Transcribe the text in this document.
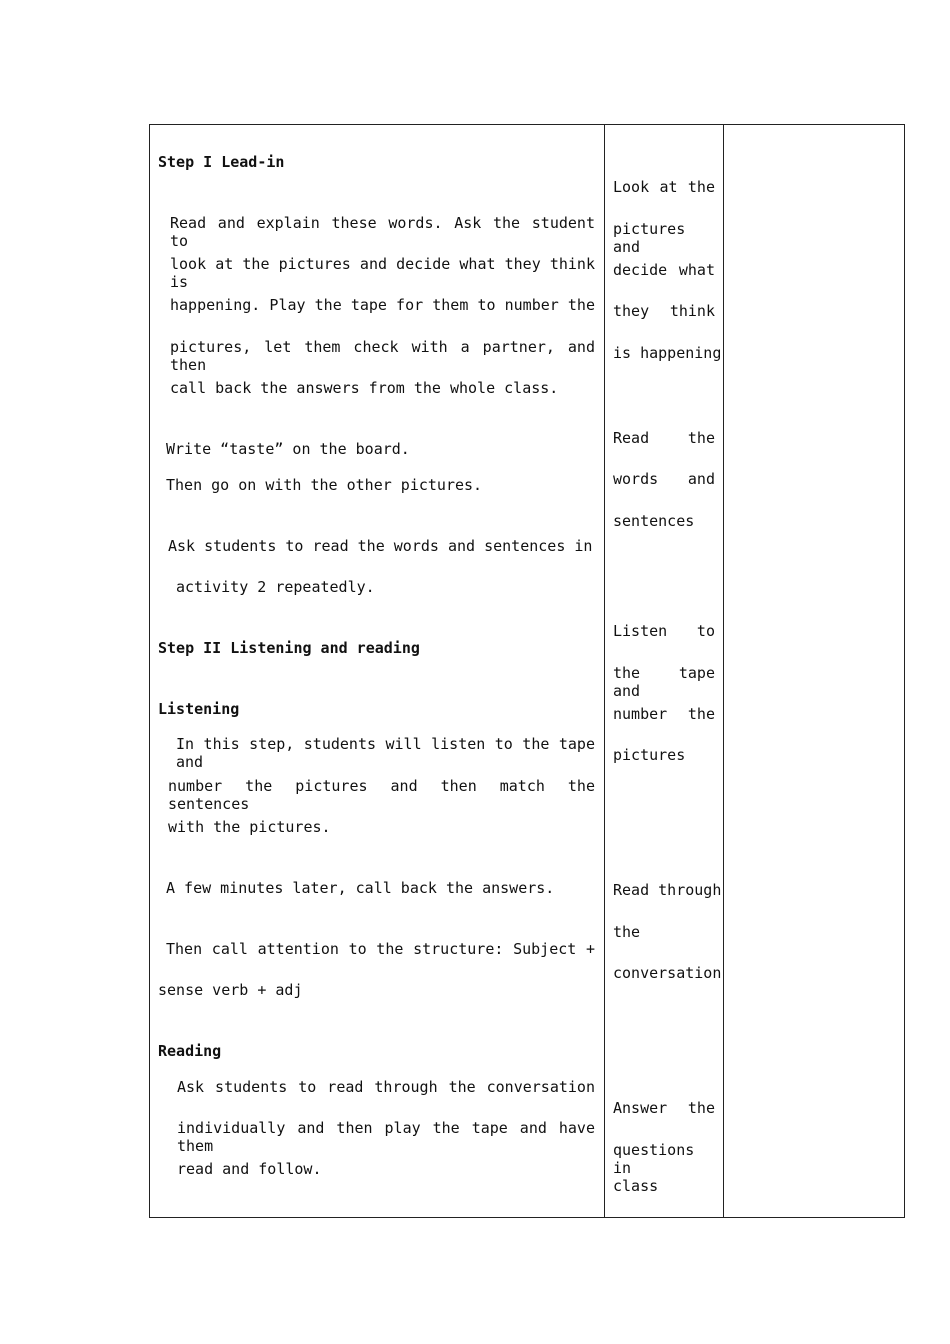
Step I Lead-in
Read and explain these words. Ask the student to
look at the pictures and decide what they think is
happening. Play the tape for them to number the
pictures, let them check with a partner, and then
call back the answers from the whole class.
Write “taste” on the board.
Then go on with the other pictures.
Ask students to read the words and sentences in
activity 2 repeatedly.
Step II Listening and reading
Listening
In this step, students will listen to the tape and
number the pictures and then match the sentences
with the pictures.
A few minutes later, call back the answers.
Then call attention to the structure: Subject +
sense verb + adj
Reading
Ask students to read through the conversation
individually and then play the tape and have them
read and follow.
Look at the
pictures and
decide what
they think
is happening
Read the
words and
sentences
Listen to
the tape and
number the
pictures
Read through
the
conversation
Answer the
questions in
class
